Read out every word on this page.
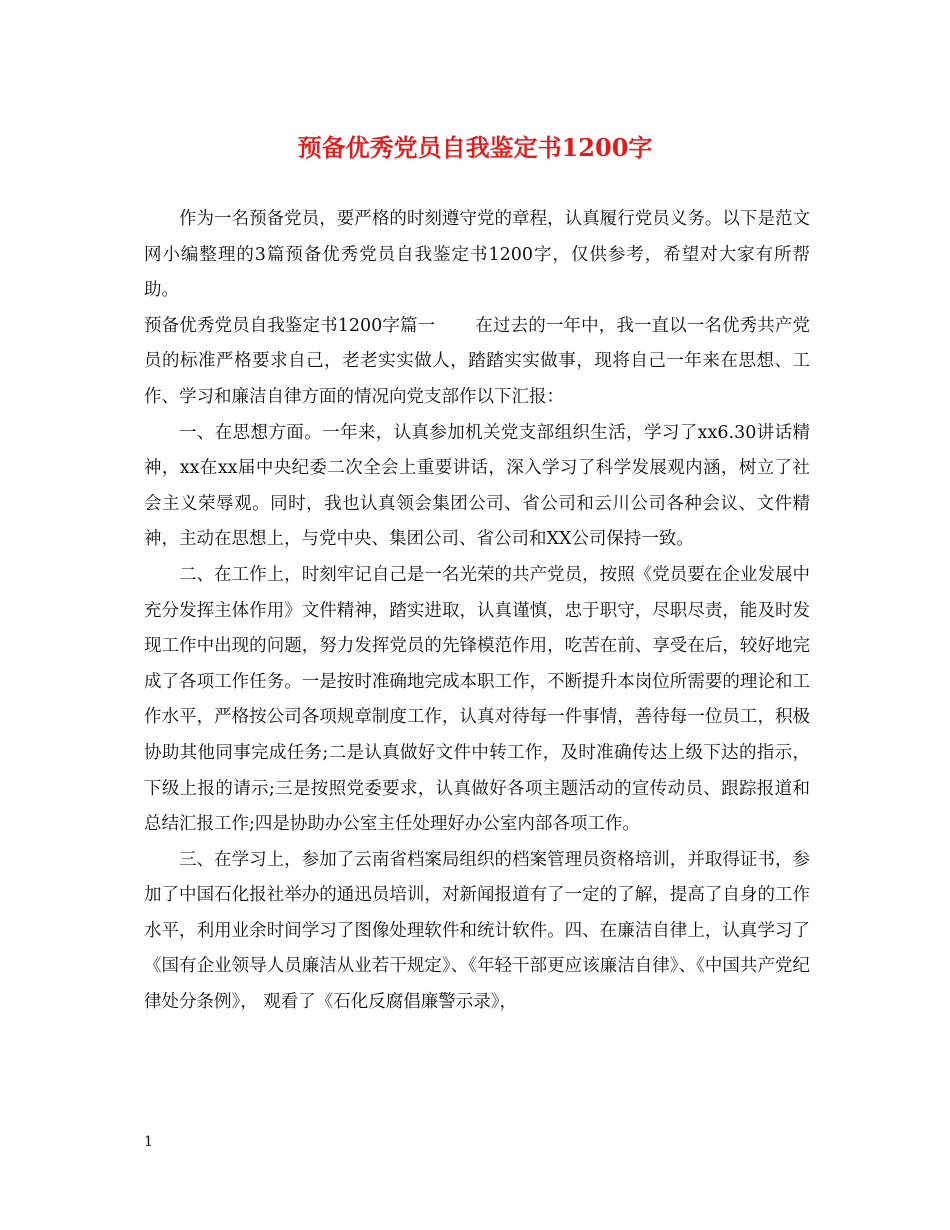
预备优秀党员自我鉴定书1200字

作为一名预备党员，要严格的时刻遵守党的章程，认真履行党员义务。以下是范文网小编整理的3篇预备优秀党员自我鉴定书1200字，仅供参考，希望对大家有所帮助。

预备优秀党员自我鉴定书1200字篇一 在过去的一年中，我一直以一名优秀共产党员的标准严格要求自己，老老实实做人，踏踏实实做事，现将自己一年来在思想、工作、学习和廉洁自律方面的情况向党支部作以下汇报：

一、在思想方面。一年来，认真参加机关党支部组织生活，学习了xx6.30讲话精神，xx在xx届中央纪委二次全会上重要讲话，深入学习了科学发展观内涵，树立了社会主义荣辱观。同时，我也认真领会集团公司、省公司和云川公司各种会议、文件精神，主动在思想上，与党中央、集团公司、省公司和XX公司保持一致。

二、在工作上，时刻牢记自己是一名光荣的共产党员，按照《党员要在企业发展中充分发挥主体作用》文件精神，踏实进取，认真谨慎，忠于职守，尽职尽责，能及时发现工作中出现的问题，努力发挥党员的先锋模范作用，吃苦在前、享受在后，较好地完成了各项工作任务。一是按时准确地完成本职工作，不断提升本岗位所需要的理论和工作水平，严格按公司各项规章制度工作，认真对待每一件事情，善待每一位员工，积极协助其他同事完成任务;二是认真做好文件中转工作，及时准确传达上级下达的指示，下级上报的请示;三是按照党委要求，认真做好各项主题活动的宣传动员、跟踪报道和总结汇报工作;四是协助办公室主任处理好办公室内部各项工作。

三、在学习上，参加了云南省档案局组织的档案管理员资格培训，并取得证书，参加了中国石化报社举办的通迅员培训，对新闻报道有了一定的了解，提高了自身的工作水平，利用业余时间学习了图像处理软件和统计软件。四、在廉洁自律上，认真学习了《国有企业领导人员廉洁从业若干规定》、《年轻干部更应该廉洁自律》、《中国共产党纪律处分条例》， 观看了《石化反腐倡廉警示录》，

1
